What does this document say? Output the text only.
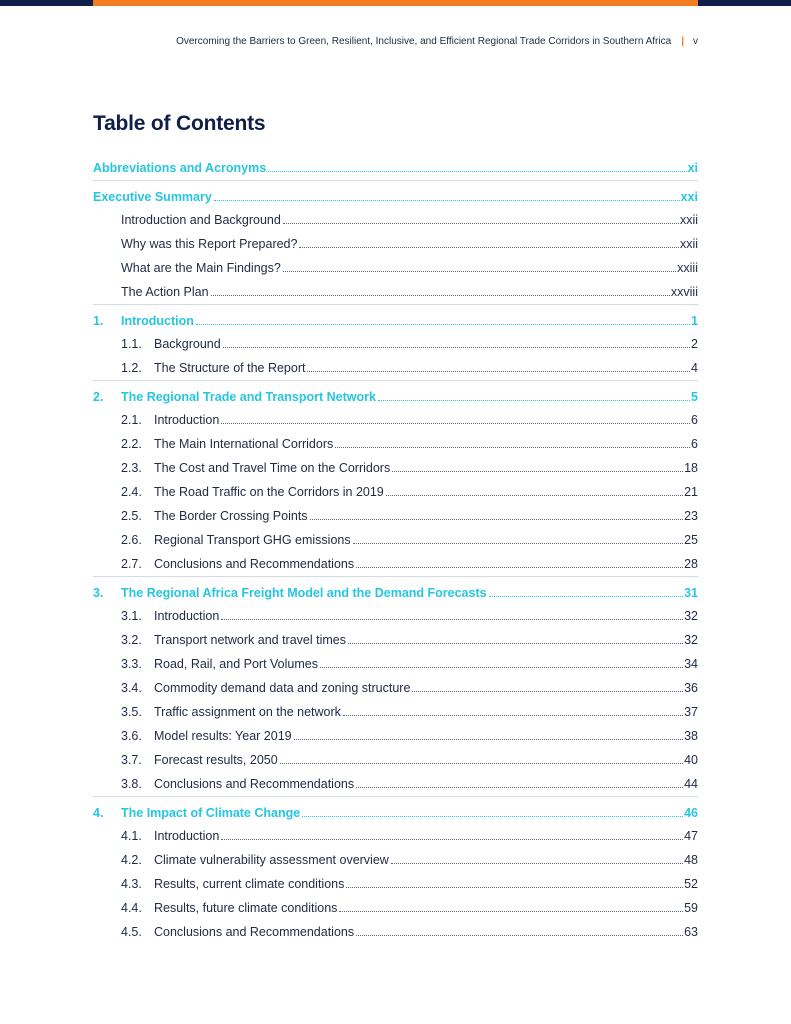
Overcoming the Barriers to Green, Resilient, Inclusive, and Efficient Regional Trade Corridors in Southern Africa | v
Table of Contents
Abbreviations and Acronyms	xi
Executive Summary	xxi
Introduction and Background	xxii
Why was this Report Prepared?	xxii
What are the Main Findings?	xxiii
The Action Plan	xxviii
1. Introduction	1
1.1. Background	2
1.2. The Structure of the Report	4
2. The Regional Trade and Transport Network	5
2.1. Introduction	6
2.2. The Main International Corridors	6
2.3. The Cost and Travel Time on the Corridors	18
2.4. The Road Traffic on the Corridors in 2019	21
2.5. The Border Crossing Points	23
2.6. Regional Transport GHG emissions	25
2.7. Conclusions and Recommendations	28
3. The Regional Africa Freight Model and the Demand Forecasts	31
3.1. Introduction	32
3.2. Transport network and travel times	32
3.3. Road, Rail, and Port Volumes	34
3.4. Commodity demand data and zoning structure	36
3.5. Traffic assignment on the network	37
3.6. Model results: Year 2019	38
3.7. Forecast results, 2050	40
3.8. Conclusions and Recommendations	44
4. The Impact of Climate Change	46
4.1. Introduction	47
4.2. Climate vulnerability assessment overview	48
4.3. Results, current climate conditions	52
4.4. Results, future climate conditions	59
4.5. Conclusions and Recommendations	63
